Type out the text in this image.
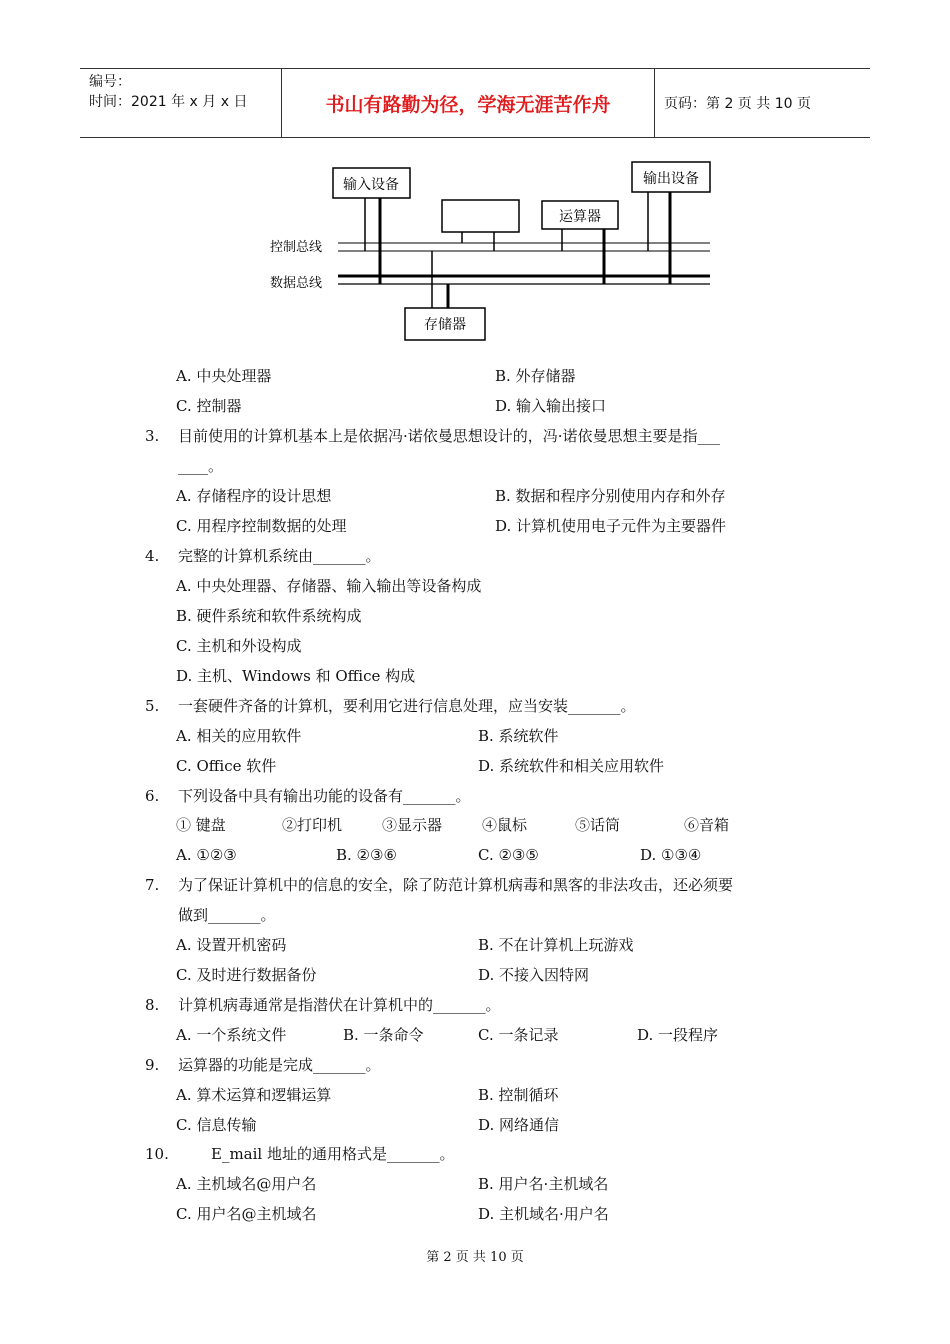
编号：
时间：2021 年 x 月 x 日	书山有路勤为径，学海无涯苦作舟	页码：第 2 页 共 10 页
输入设备
运算器
输出设备
控制总线
数据总线
存储器
A. 中央处理器	B. 外存储器
C. 控制器	D. 输入输出接口
3. 目前使用的计算机基本上是依据冯·诺依曼思想设计的，冯·诺依曼思想主要是指___
____。
A. 存储程序的设计思想	B. 数据和程序分别使用内存和外存
C. 用程序控制数据的处理	D. 计算机使用电子元件为主要器件
4. 完整的计算机系统由_______。
A. 中央处理器、存储器、输入输出等设备构成
B. 硬件系统和软件系统构成
C. 主机和外设构成
D. 主机、Windows 和 Office 构成
5. 一套硬件齐备的计算机，要利用它进行信息处理，应当安装_______。
A. 相关的应用软件	B. 系统软件
C. Office 软件	D. 系统软件和相关应用软件
6. 下列设备中具有输出功能的设备有_______。
① 键盘	②打印机	③显示器	④鼠标	⑤话筒	⑥音箱
A. ①②③	B. ②③⑥	C. ②③⑤	D. ①③④
7. 为了保证计算机中的信息的安全，除了防范计算机病毒和黑客的非法攻击，还必须要
做到_______。
A. 设置开机密码	B. 不在计算机上玩游戏
C. 及时进行数据备份	D. 不接入因特网
8. 计算机病毒通常是指潜伏在计算机中的_______。
A. 一个系统文件	B. 一条命令	C. 一条记录	D. 一段程序
9. 运算器的功能是完成_______。
A. 算术运算和逻辑运算	B. 控制循环
C. 信息传输	D. 网络通信
10.	E_mail 地址的通用格式是_______。
A. 主机域名@用户名	B. 用户名·主机域名
C. 用户名@主机域名	D. 主机域名·用户名
第 2 页 共 10 页
